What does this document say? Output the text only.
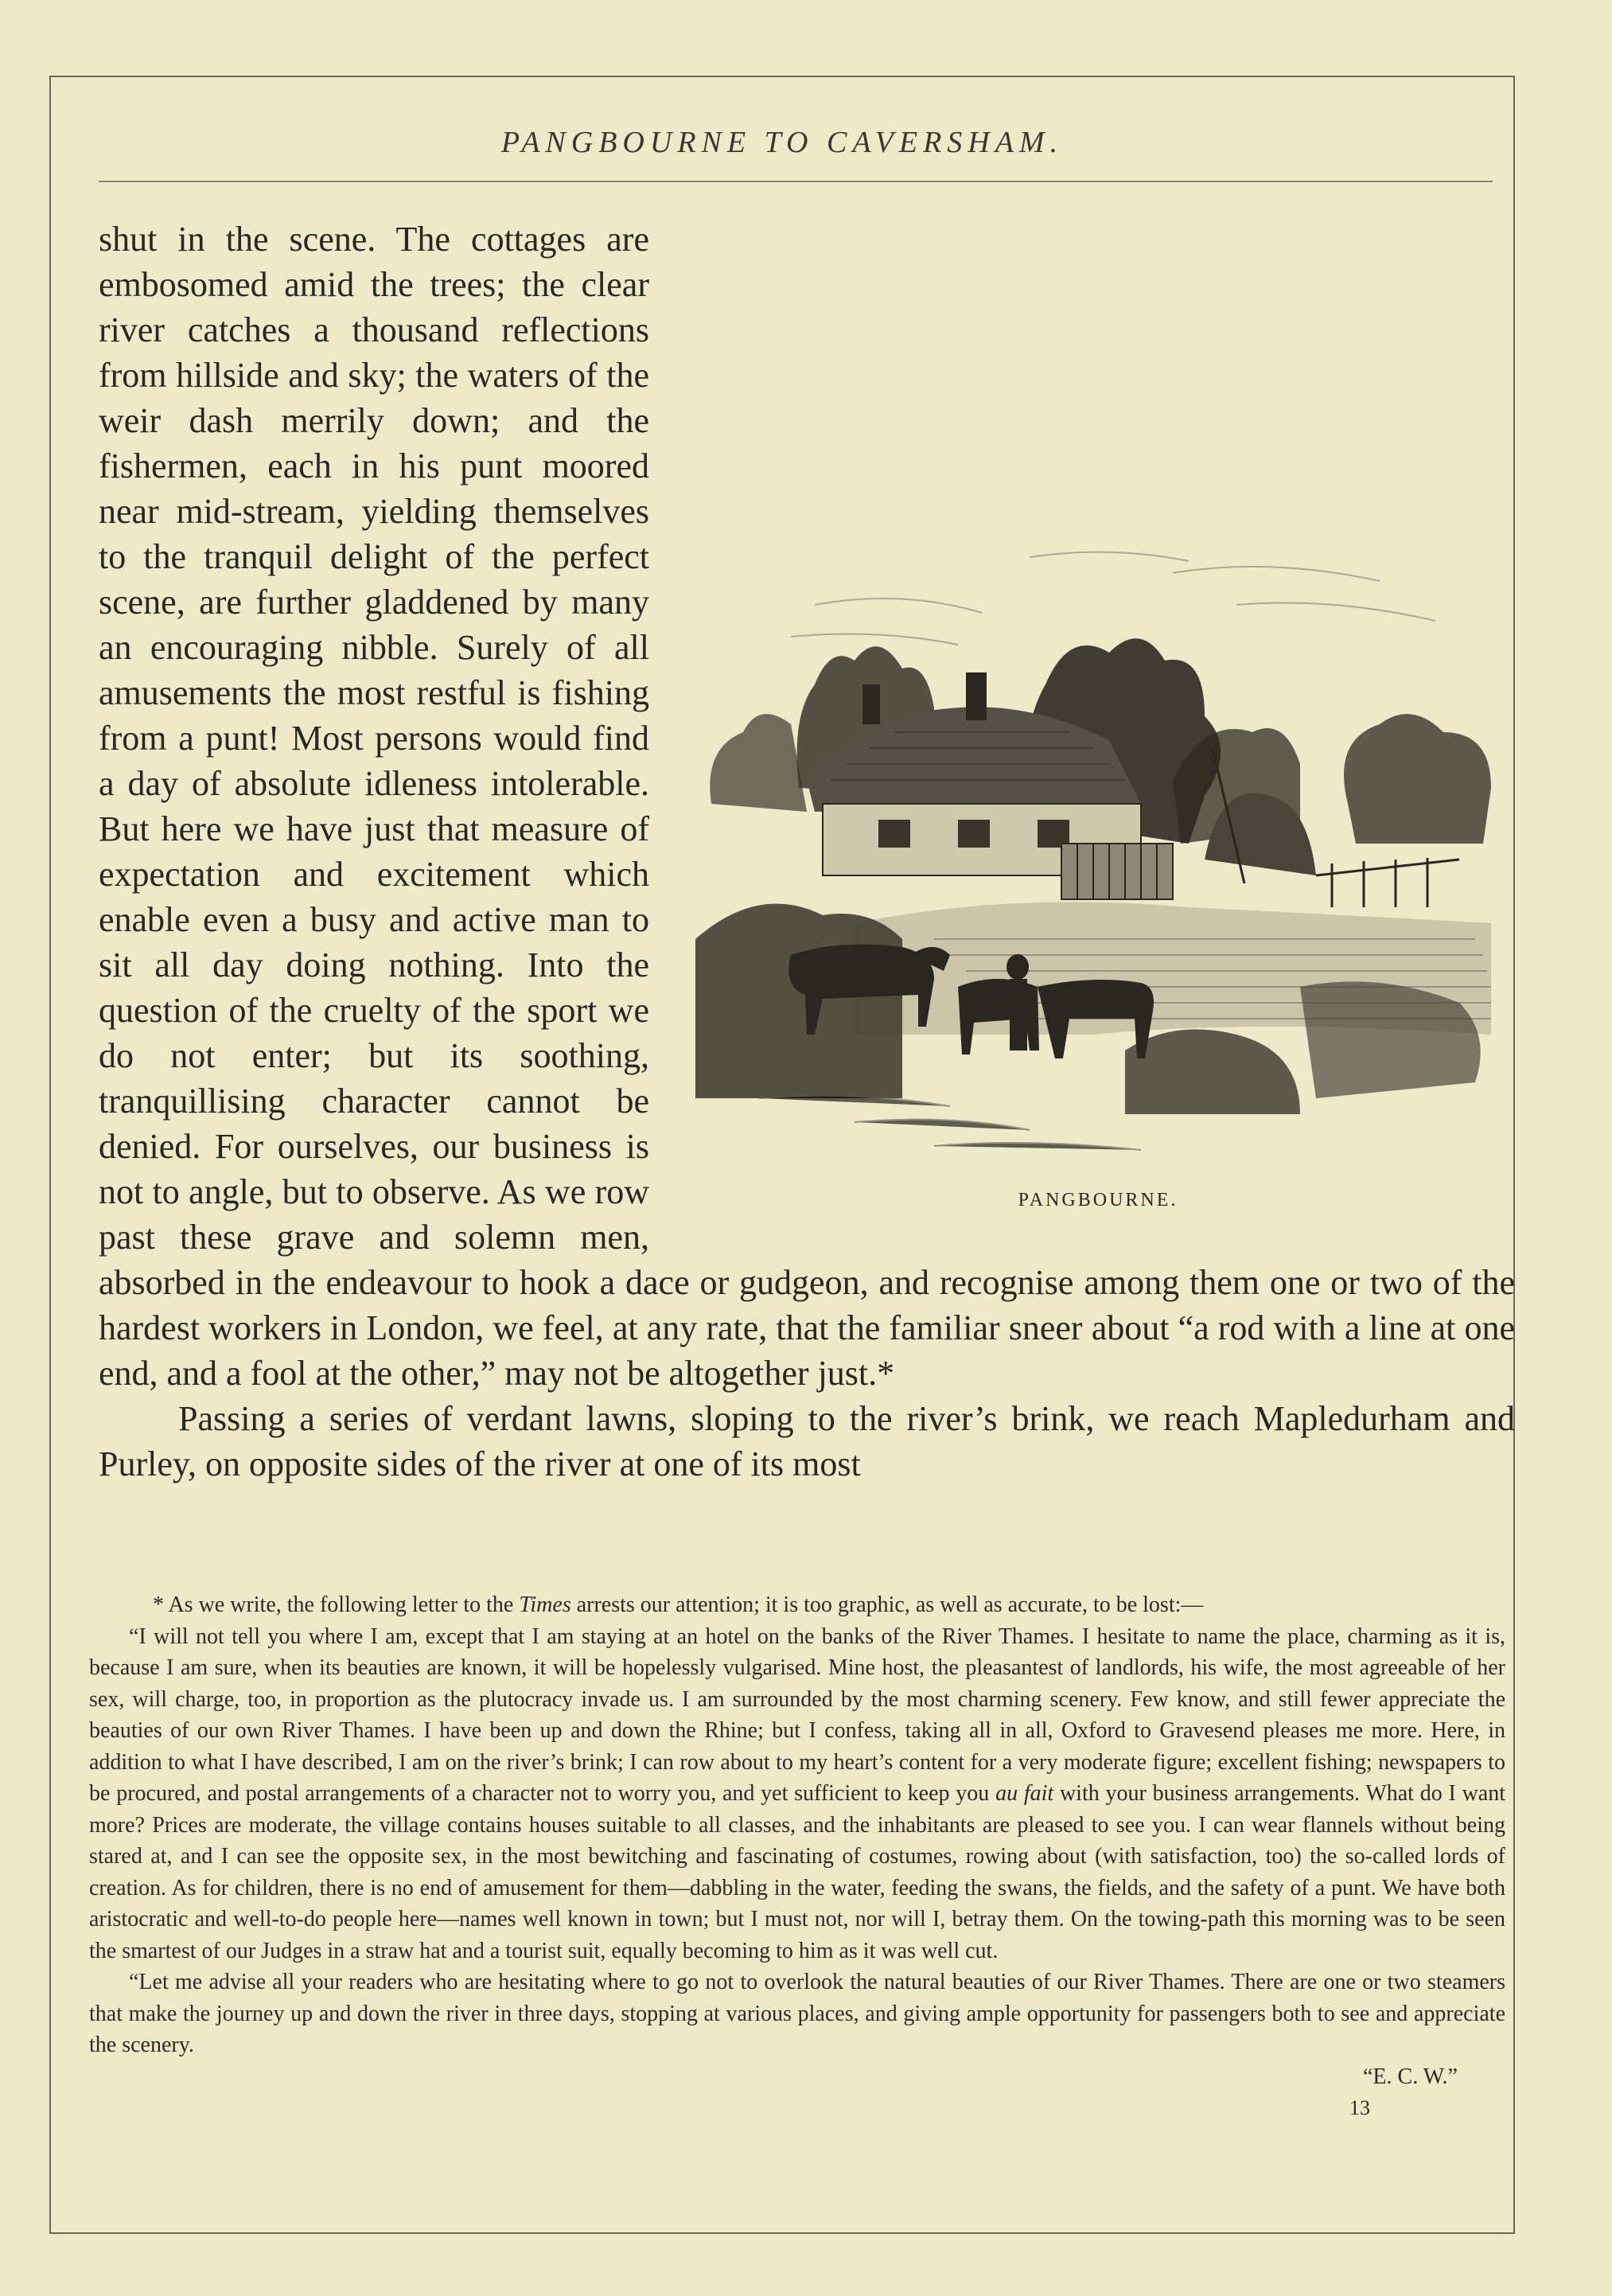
PANGBOURNE TO CAVERSHAM.
PANGBOURNE.

shut in the scene. The cottages are embosomed amid the trees; the clear river catches a thousand reflections from hillside and sky; the waters of the weir dash merrily down; and the fishermen, each in his punt moored near mid-stream, yielding themselves to the tranquil delight of the perfect scene, are further gladdened by many an encouraging nibble. Surely of all amusements the most restful is fishing from a punt! Most persons would find a day of absolute idleness intolerable. But here we have just that measure of expectation and excitement which enable even a busy and active man to sit all day doing nothing. Into the question of the cruelty of the sport we do not enter; but its soothing, tranquillising character cannot be denied. For ourselves, our business is not to angle, but to observe. As we row past these grave and solemn men, absorbed in the endeavour to hook a dace or gudgeon, and recognise among them one or two of the hardest workers in London, we feel, at any rate, that the familiar sneer about “a rod with a line at one end, and a fool at the other,” may not be altogether just.*

Passing a series of verdant lawns, sloping to the river’s brink, we reach Mapledurham and Purley, on opposite sides of the river at one of its most

* As we write, the following letter to the Times arrests our attention; it is too graphic, as well as accurate, to be lost:—

“I will not tell you where I am, except that I am staying at an hotel on the banks of the River Thames. I hesitate to name the place, charming as it is, because I am sure, when its beauties are known, it will be hopelessly vulgarised. Mine host, the pleasantest of landlords, his wife, the most agreeable of her sex, will charge, too, in proportion as the plutocracy invade us. I am surrounded by the most charming scenery. Few know, and still fewer appreciate the beauties of our own River Thames. I have been up and down the Rhine; but I confess, taking all in all, Oxford to Gravesend pleases me more. Here, in addition to what I have described, I am on the river’s brink; I can row about to my heart’s content for a very moderate figure; excellent fishing; newspapers to be procured, and postal arrangements of a character not to worry you, and yet sufficient to keep you au fait with your business arrangements. What do I want more? Prices are moderate, the village contains houses suitable to all classes, and the inhabitants are pleased to see you. I can wear flannels without being stared at, and I can see the opposite sex, in the most bewitching and fascinating of costumes, rowing about (with satisfaction, too) the so-called lords of creation. As for children, there is no end of amusement for them—dabbling in the water, feeding the swans, the fields, and the safety of a punt. We have both aristocratic and well-to-do people here—names well known in town; but I must not, nor will I, betray them. On the towing-path this morning was to be seen the smartest of our Judges in a straw hat and a tourist suit, equally becoming to him as it was well cut.

“Let me advise all your readers who are hesitating where to go not to overlook the natural beauties of our River Thames. There are one or two steamers that make the journey up and down the river in three days, stopping at various places, and giving ample opportunity for passengers both to see and appreciate the scenery.

“E. C. W.”

13
